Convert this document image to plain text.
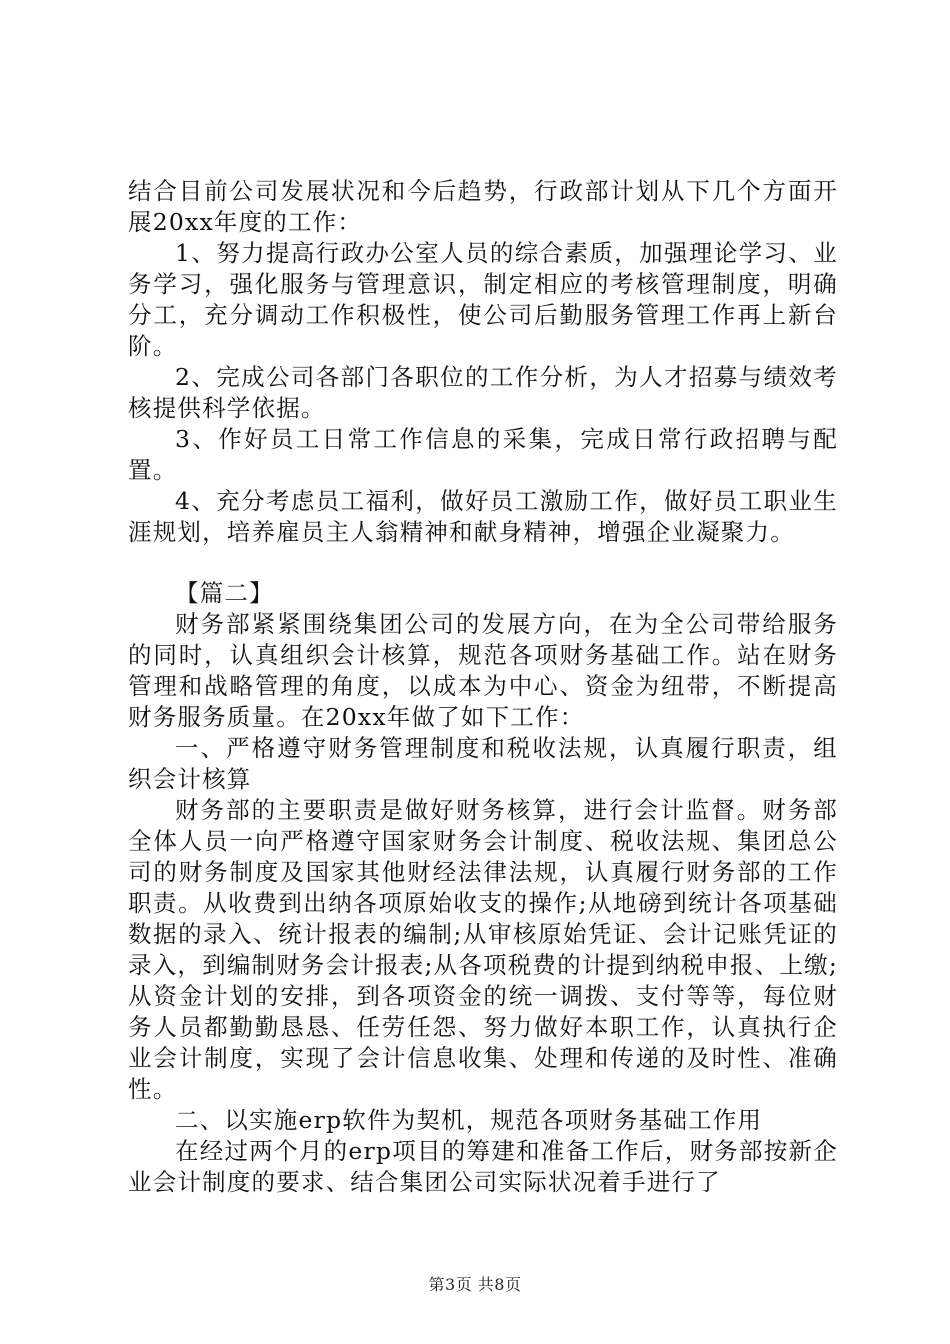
结合目前公司发展状况和今后趋势，行政部计划从下几个方面开展20xx年度的工作：

1、努力提高行政办公室人员的综合素质，加强理论学习、业务学习，强化服务与管理意识，制定相应的考核管理制度，明确分工，充分调动工作积极性，使公司后勤服务管理工作再上新台阶。

2、完成公司各部门各职位的工作分析，为人才招募与绩效考核提供科学依据。

3、作好员工日常工作信息的采集，完成日常行政招聘与配置。

4、充分考虑员工福利，做好员工激励工作，做好员工职业生涯规划，培养雇员主人翁精神和献身精神，增强企业凝聚力。

【篇二】

财务部紧紧围绕集团公司的发展方向，在为全公司带给服务的同时，认真组织会计核算，规范各项财务基础工作。站在财务管理和战略管理的角度，以成本为中心、资金为纽带，不断提高财务服务质量。在20xx年做了如下工作：

一、严格遵守财务管理制度和税收法规，认真履行职责，组织会计核算

财务部的主要职责是做好财务核算，进行会计监督。财务部全体人员一向严格遵守国家财务会计制度、税收法规、集团总公司的财务制度及国家其他财经法律法规，认真履行财务部的工作职责。从收费到出纳各项原始收支的操作;从地磅到统计各项基础数据的录入、统计报表的编制;从审核原始凭证、会计记账凭证的录入，到编制财务会计报表;从各项税费的计提到纳税申报、上缴;从资金计划的安排，到各项资金的统一调拨、支付等等，每位财务人员都勤勤恳恳、任劳任怨、努力做好本职工作，认真执行企业会计制度，实现了会计信息收集、处理和传递的及时性、准确性。

二、以实施erp软件为契机，规范各项财务基础工作用

在经过两个月的erp项目的筹建和准备工作后，财务部按新企业会计制度的要求、结合集团公司实际状况着手进行了

第3页 共8页
